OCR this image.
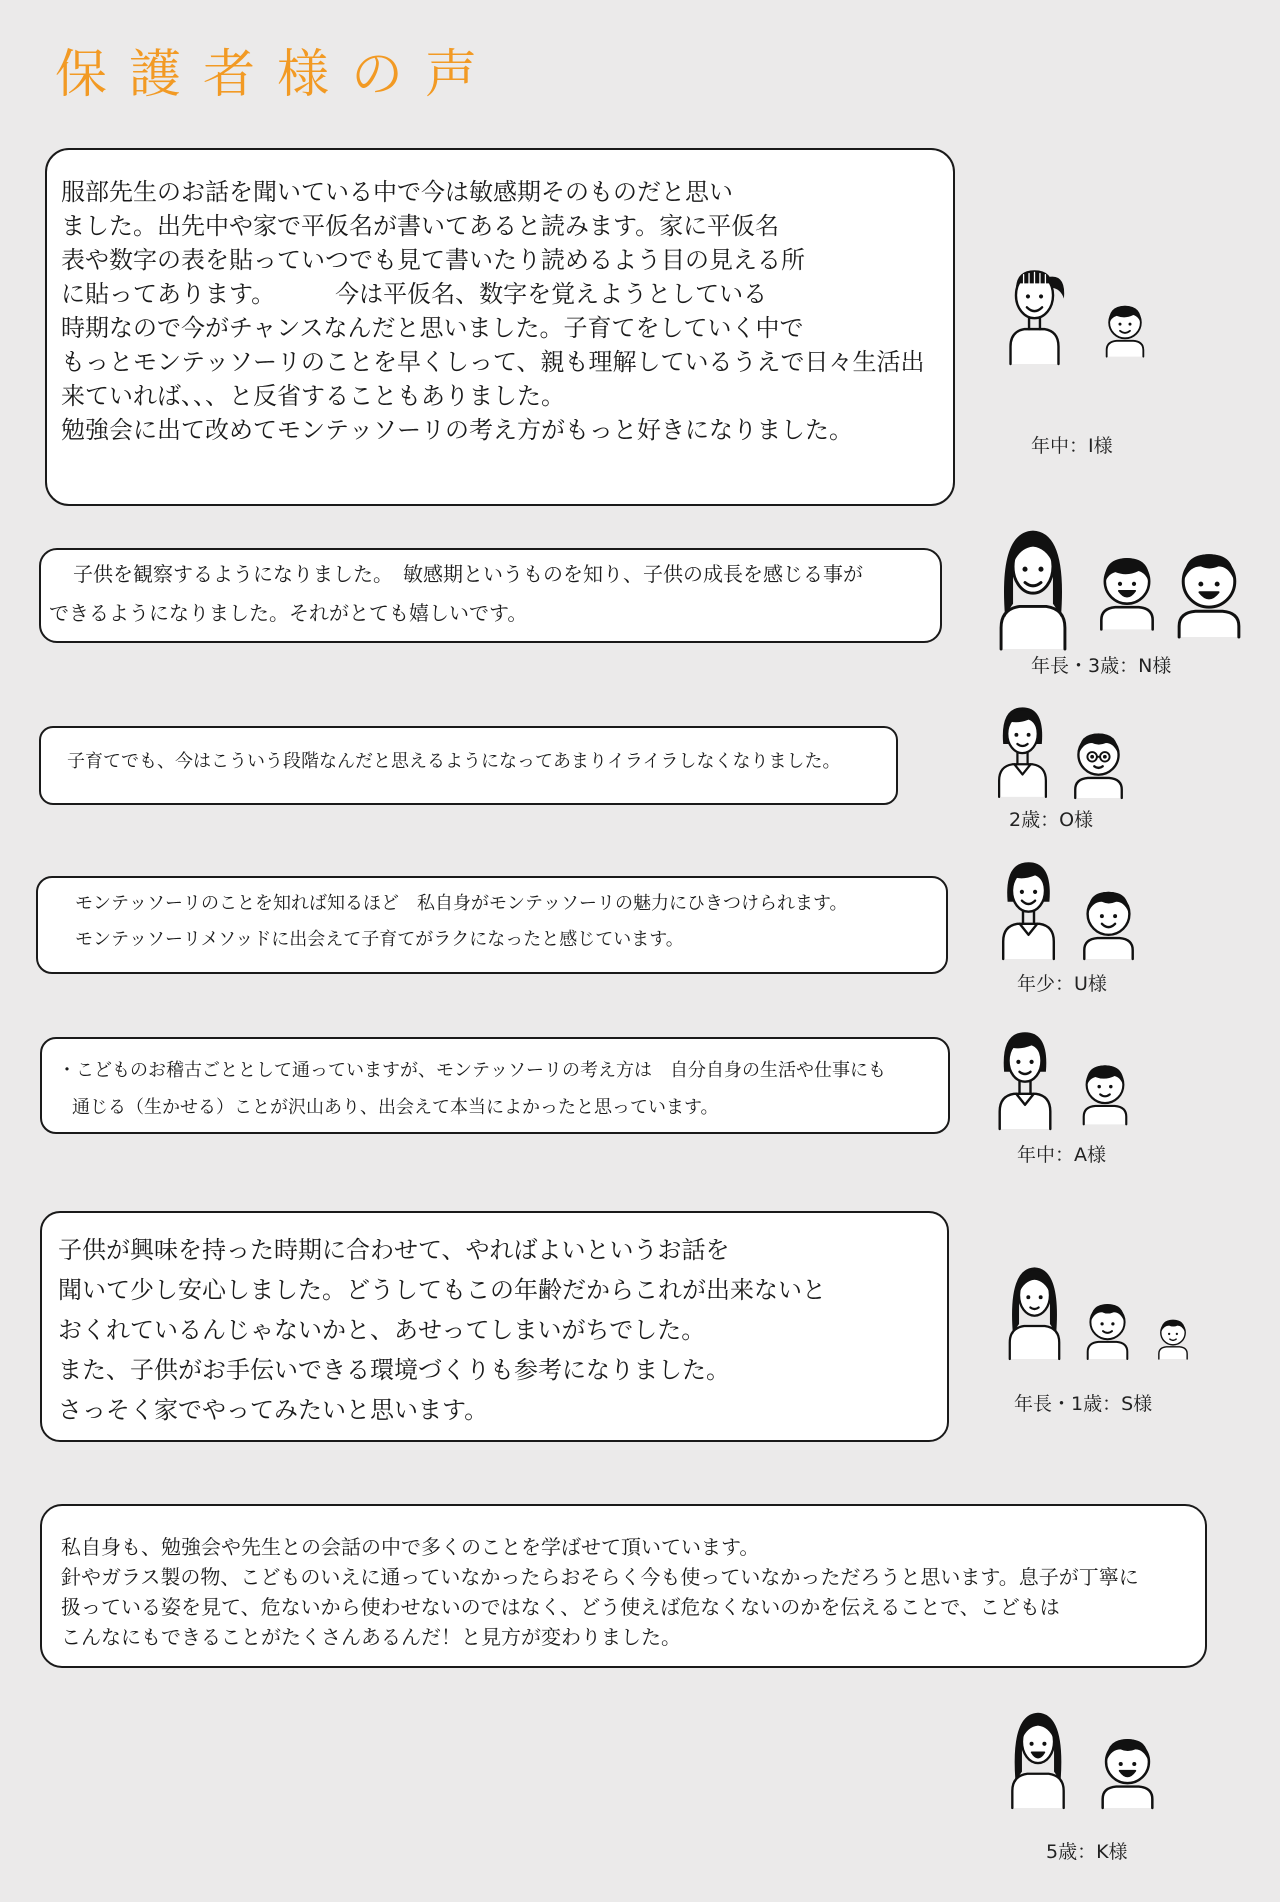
保護者様の声
服部先生のお話を聞いている中で今は敏感期そのものだと思い
ました。出先中や家で平仮名が書いてあると読みます。家に平仮名
表や数字の表を貼っていつでも見て書いたり読めるよう目の見える所
に貼ってあります。　　　今は平仮名、数字を覚えようとしている
時期なので今がチャンスなんだと思いました。子育てをしていく中で
もっとモンテッソーリのことを早くしって、親も理解しているうえで日々生活出
来ていれば、、、と反省することもありました。
勉強会に出て改めてモンテッソーリの考え方がもっと好きになりました。
年中：I様
子供を観察するようになりました。　敏感期というものを知り、子供の成長を感じる事が
できるようになりました。それがとても嬉しいです。
年長・3歳：N様
子育てでも、今はこういう段階なんだと思えるようになってあまりイライラしなくなりました。
2歳：O様
モンテッソーリのことを知れば知るほど　私自身がモンテッソーリの魅力にひきつけられます。
モンテッソーリメソッドに出会えて子育てがラクになったと感じています。
年少：U様
・こどものお稽古ごととして通っていますが、モンテッソーリの考え方は　自分自身の生活や仕事にも
通じる（生かせる）ことが沢山あり、出会えて本当によかったと思っています。
年中：A様
子供が興味を持った時期に合わせて、やればよいというお話を
聞いて少し安心しました。どうしてもこの年齢だからこれが出来ないと
おくれているんじゃないかと、あせってしまいがちでした。
また、子供がお手伝いできる環境づくりも参考になりました。
さっそく家でやってみたいと思います。	年長・1歳：S様
私自身も、勉強会や先生との会話の中で多くのことを学ばせて頂いています。
針やガラス製の物、こどものいえに通っていなかったらおそらく今も使っていなかっただろうと思います。息子が丁寧に
扱っている姿を見て、危ないから使わせないのではなく、どう使えば危なくないのかを伝えることで、こどもは
こんなにもできることがたくさんあるんだ！と見方が変わりました。
5歳：K様
